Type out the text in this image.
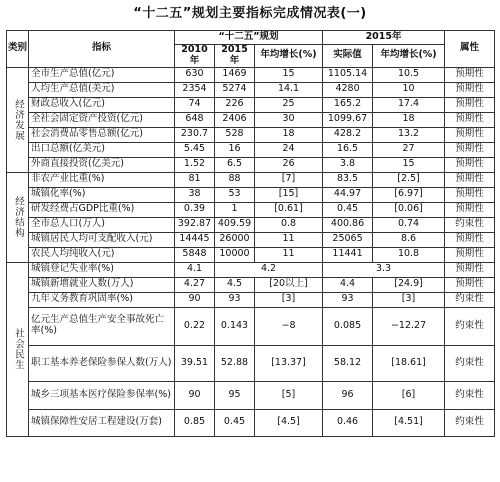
“十二五”规划主要指标完成情况表(一)
类别	指标	“十二五”规划			2015年		属性
		2010年	2015年	年均增长(%)	实际值	年均增长(%)	
经济发展	全市生产总值(亿元)	630	1469	15	1105.14	10.5	预期性
	人均生产总值(美元)	2354	5274	14.1	4280	10	预期性
	财政总收入(亿元)	74	226	25	165.2	17.4	预期性
	全社会固定资产投资(亿元)	648	2406	30	1099.67	18	预期性
	社会消费品零售总额(亿元)	230.7	528	18	428.2	13.2	预期性
	出口总额(亿美元)	5.45	16	24	16.5	27	预期性
	外商直接投资(亿美元)	1.52	6.5	26	3.8	15	预期性
经济结构	非农产业比重(%)	81	88	[7]	83.5	[2.5]	预期性
	城镇化率(%)	38	53	[15]	44.97	[6.97]	预期性
	研发经费占GDP比重(%)	0.39	1	[0.61]	0.45	[0.06]	预期性
	全市总人口(万人)	392.87	409.59	0.8	400.86	0.74	约束性
	城镇居民人均可支配收入(元)	14445	26000	11	25065	8.6	预期性
	农民人均纯收入(元)	5848	10000	11	11441	10.8	预期性
社会民生	城镇登记失业率(%)	4.1	4.2		3.3		预期性
	城镇新增就业人数(万人)	4.27	4.5	[20以上]	4.4	[24.9]	预期性
	九年义务教育巩固率(%)	90	93	[3]	93	[3]	约束性
	亿元生产总值生产安全事故死亡率(%)	0.22	0.143	−8	0.085	−12.27	约束性
	职工基本养老保险参保人数(万人)	39.51	52.88	[13.37]	58.12	[18.61]	约束性
	城乡三项基本医疗保险参保率(%)	90	95	[5]	96	[6]	约束性
	城镇保障性安居工程建设(万套)	0.85	0.45	[4.5]	0.46	[4.51]	约束性
